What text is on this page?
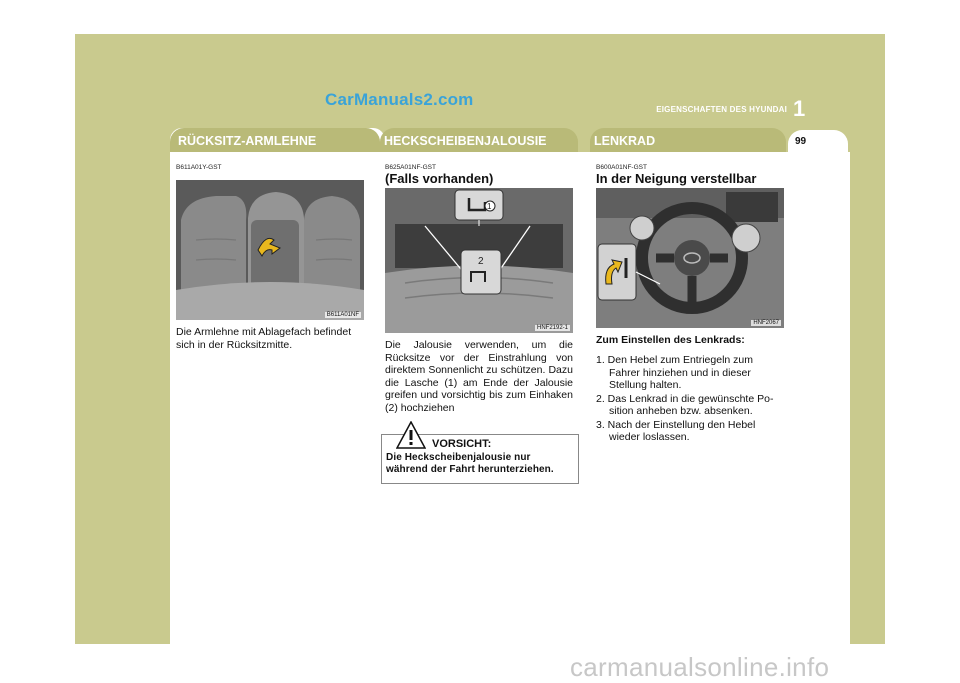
CarManuals2.com
EIGENSCHAFTEN DES HYUNDAI 1
RÜCKSITZ-ARMLEHNE	HECKSCHEIBENJALOUSIE	LENKRAD	99
B611A01Y-GST
B611A01NF

Die Armlehne mit Ablagefach befindet sich in der Rücksitzmitte.

B625A01NF-GST
(Falls vorhanden)
1
2
HNF2192-1

Die Jalousie verwenden, um die Rücksitze vor der Einstrahlung von direktem Sonnenlicht zu schützen. Dazu die Lasche (1) am Ende der Jalousie greifen und vorsichtig bis zum Einhaken (2) hochziehen

VORSICHT:
Die Heckscheibenjalousie nur während der Fahrt herunterziehen.
B600A01NF-GST
In der Neigung verstellbar
HNF2067
Zum Einstellen des Lenkrads:
1. Den Hebel zum Entriegeln zum Fahrer hinziehen und in dieser Stellung halten.
2. Das Lenkrad in die gewünschte Po- sition anheben bzw. absenken.
3. Nach der Einstellung den Hebel wieder loslassen.
carmanualsonline.info
